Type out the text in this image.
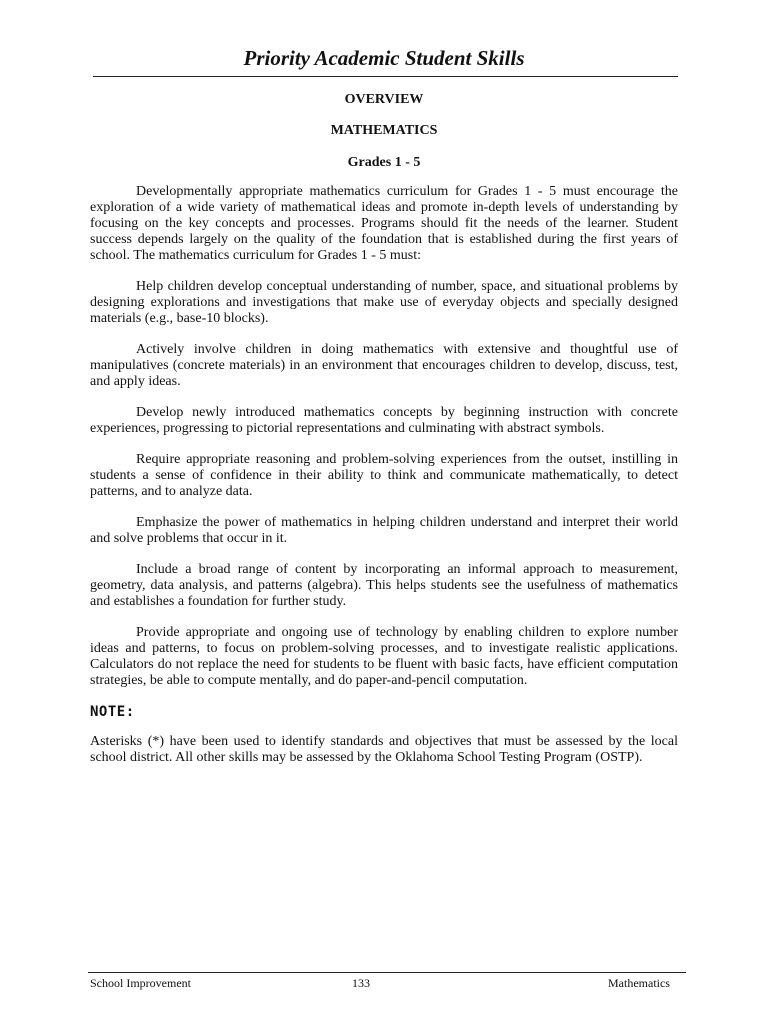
Priority Academic Student Skills
OVERVIEW
MATHEMATICS
Grades 1 - 5

Developmentally appropriate mathematics curriculum for Grades 1 - 5 must encourage the exploration of a wide variety of mathematical ideas and promote in-depth levels of understanding by focusing on the key concepts and processes. Programs should fit the needs of the learner. Student success depends largely on the quality of the foundation that is established during the first years of school. The mathematics curriculum for Grades 1 - 5 must:

Help children develop conceptual understanding of number, space, and situational problems by designing explorations and investigations that make use of everyday objects and specially designed materials (e.g., base-10 blocks).

Actively involve children in doing mathematics with extensive and thoughtful use of manipulatives (concrete materials) in an environment that encourages children to develop, discuss, test, and apply ideas.

Develop newly introduced mathematics concepts by beginning instruction with concrete experiences, progressing to pictorial representations and culminating with abstract symbols.

Require appropriate reasoning and problem-solving experiences from the outset, instilling in students a sense of confidence in their ability to think and communicate mathematically, to detect patterns, and to analyze data.

Emphasize the power of mathematics in helping children understand and interpret their world and solve problems that occur in it.

Include a broad range of content by incorporating an informal approach to measurement, geometry, data analysis, and patterns (algebra). This helps students see the usefulness of mathematics and establishes a foundation for further study.

Provide appropriate and ongoing use of technology by enabling children to explore number ideas and patterns, to focus on problem-solving processes, and to investigate realistic applications. Calculators do not replace the need for students to be fluent with basic facts, have efficient computation strategies, be able to compute mentally, and do paper-and-pencil computation.

NOTE:

Asterisks (*) have been used to identify standards and objectives that must be assessed by the local school district. All other skills may be assessed by the Oklahoma School Testing Program (OSTP).

School Improvement	133	Mathematics
